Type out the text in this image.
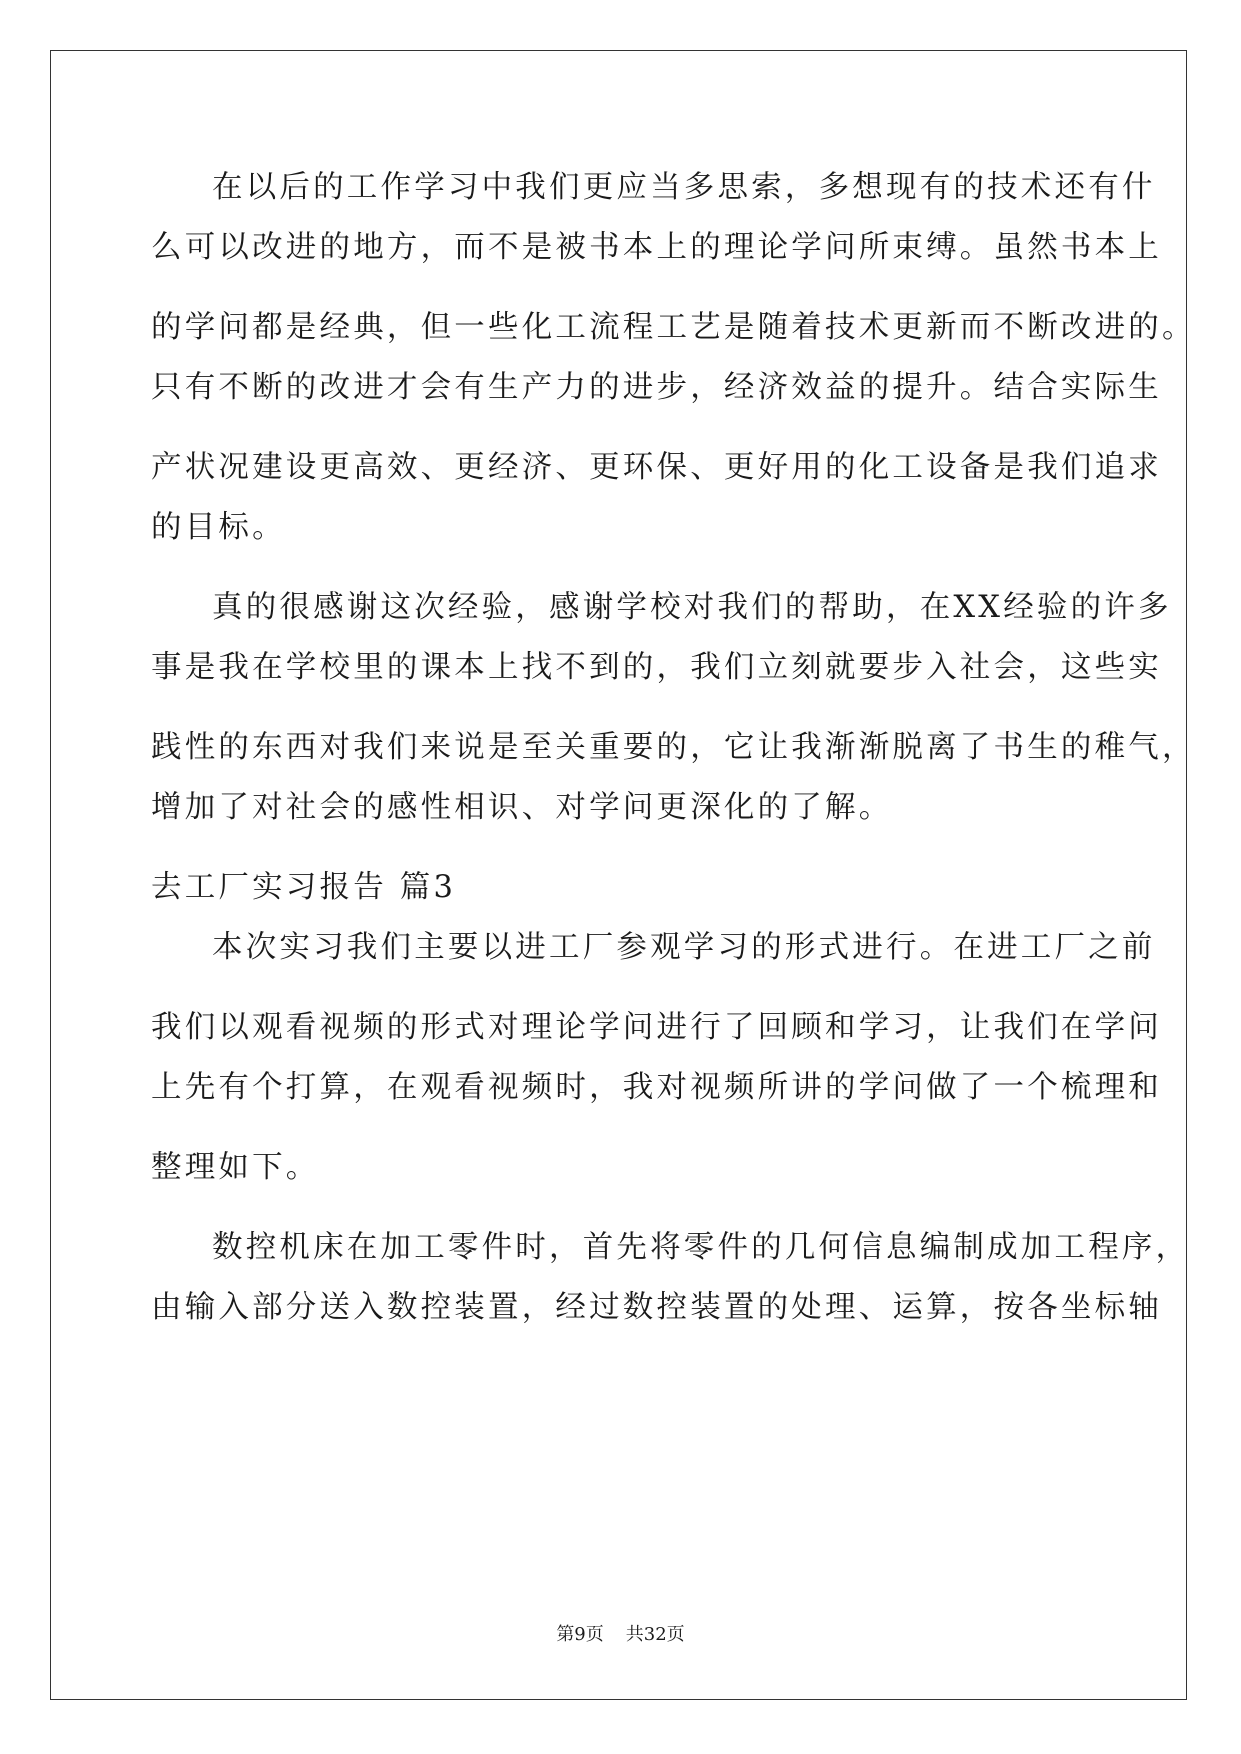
在以后的工作学习中我们更应当多思索，多想现有的技术还有什
么可以改进的地方，而不是被书本上的理论学问所束缚。虽然书本上
的学问都是经典，但一些化工流程工艺是随着技术更新而不断改进的。
只有不断的改进才会有生产力的进步，经济效益的提升。结合实际生
产状况建设更高效、更经济、更环保、更好用的化工设备是我们追求
的目标。
真的很感谢这次经验，感谢学校对我们的帮助，在XX经验的许多
事是我在学校里的课本上找不到的，我们立刻就要步入社会，这些实
践性的东西对我们来说是至关重要的，它让我渐渐脱离了书生的稚气，
增加了对社会的感性相识、对学问更深化的了解。
去工厂实习报告 篇3
本次实习我们主要以进工厂参观学习的形式进行。在进工厂之前
我们以观看视频的形式对理论学问进行了回顾和学习，让我们在学问
上先有个打算，在观看视频时，我对视频所讲的学问做了一个梳理和
整理如下。
数控机床在加工零件时，首先将零件的几何信息编制成加工程序，
由输入部分送入数控装置，经过数控装置的处理、运算，按各坐标轴
第9页 共32页
